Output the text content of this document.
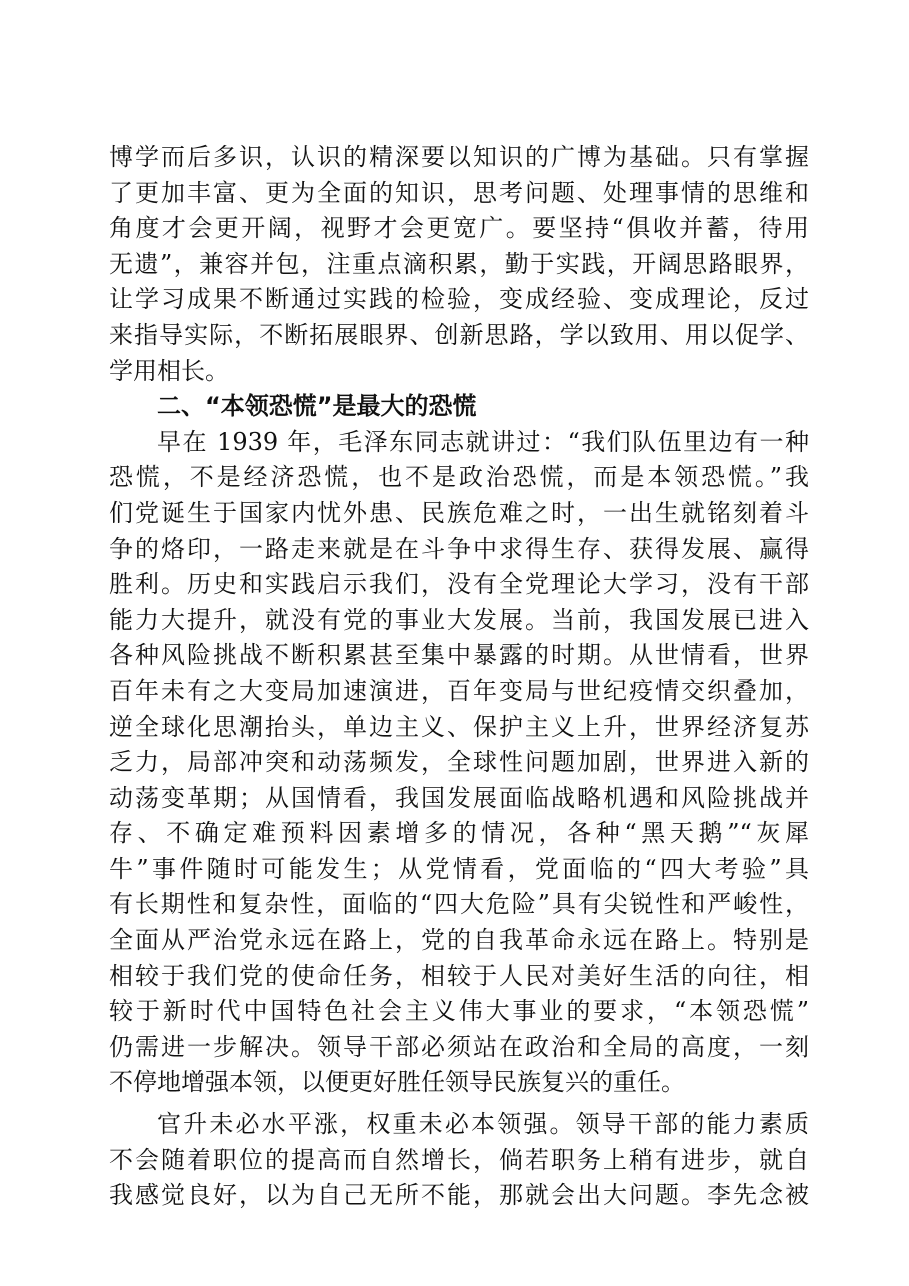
博学而后多识，认识的精深要以知识的广博为基础。只有掌握
了更加丰富、更为全面的知识，思考问题、处理事情的思维和
角度才会更开阔，视野才会更宽广。要坚持“俱收并蓄，待用
无遗”，兼容并包，注重点滴积累，勤于实践，开阔思路眼界，
让学习成果不断通过实践的检验，变成经验、变成理论，反过
来指导实际，不断拓展眼界、创新思路，学以致用、用以促学、
学用相长。
二、“本领恐慌”是最大的恐慌
早在 1939 年，毛泽东同志就讲过：“我们队伍里边有一种
恐慌，不是经济恐慌，也不是政治恐慌，而是本领恐慌。”我
们党诞生于国家内忧外患、民族危难之时，一出生就铭刻着斗
争的烙印，一路走来就是在斗争中求得生存、获得发展、赢得
胜利。历史和实践启示我们，没有全党理论大学习，没有干部
能力大提升，就没有党的事业大发展。当前，我国发展已进入
各种风险挑战不断积累甚至集中暴露的时期。从世情看，世界
百年未有之大变局加速演进，百年变局与世纪疫情交织叠加，
逆全球化思潮抬头，单边主义、保护主义上升，世界经济复苏
乏力，局部冲突和动荡频发，全球性问题加剧，世界进入新的
动荡变革期；从国情看，我国发展面临战略机遇和风险挑战并
存、不确定难预料因素增多的情况，各种“黑天鹅”“灰犀
牛”事件随时可能发生；从党情看，党面临的“四大考验”具
有长期性和复杂性，面临的“四大危险”具有尖锐性和严峻性，
全面从严治党永远在路上，党的自我革命永远在路上。特别是
相较于我们党的使命任务，相较于人民对美好生活的向往，相
较于新时代中国特色社会主义伟大事业的要求，“本领恐慌”
仍需进一步解决。领导干部必须站在政治和全局的高度，一刻
不停地增强本领，以便更好胜任领导民族复兴的重任。
官升未必水平涨，权重未必本领强。领导干部的能力素质
不会随着职位的提高而自然增长，倘若职务上稍有进步，就自
我感觉良好，以为自己无所不能，那就会出大问题。李先念被
